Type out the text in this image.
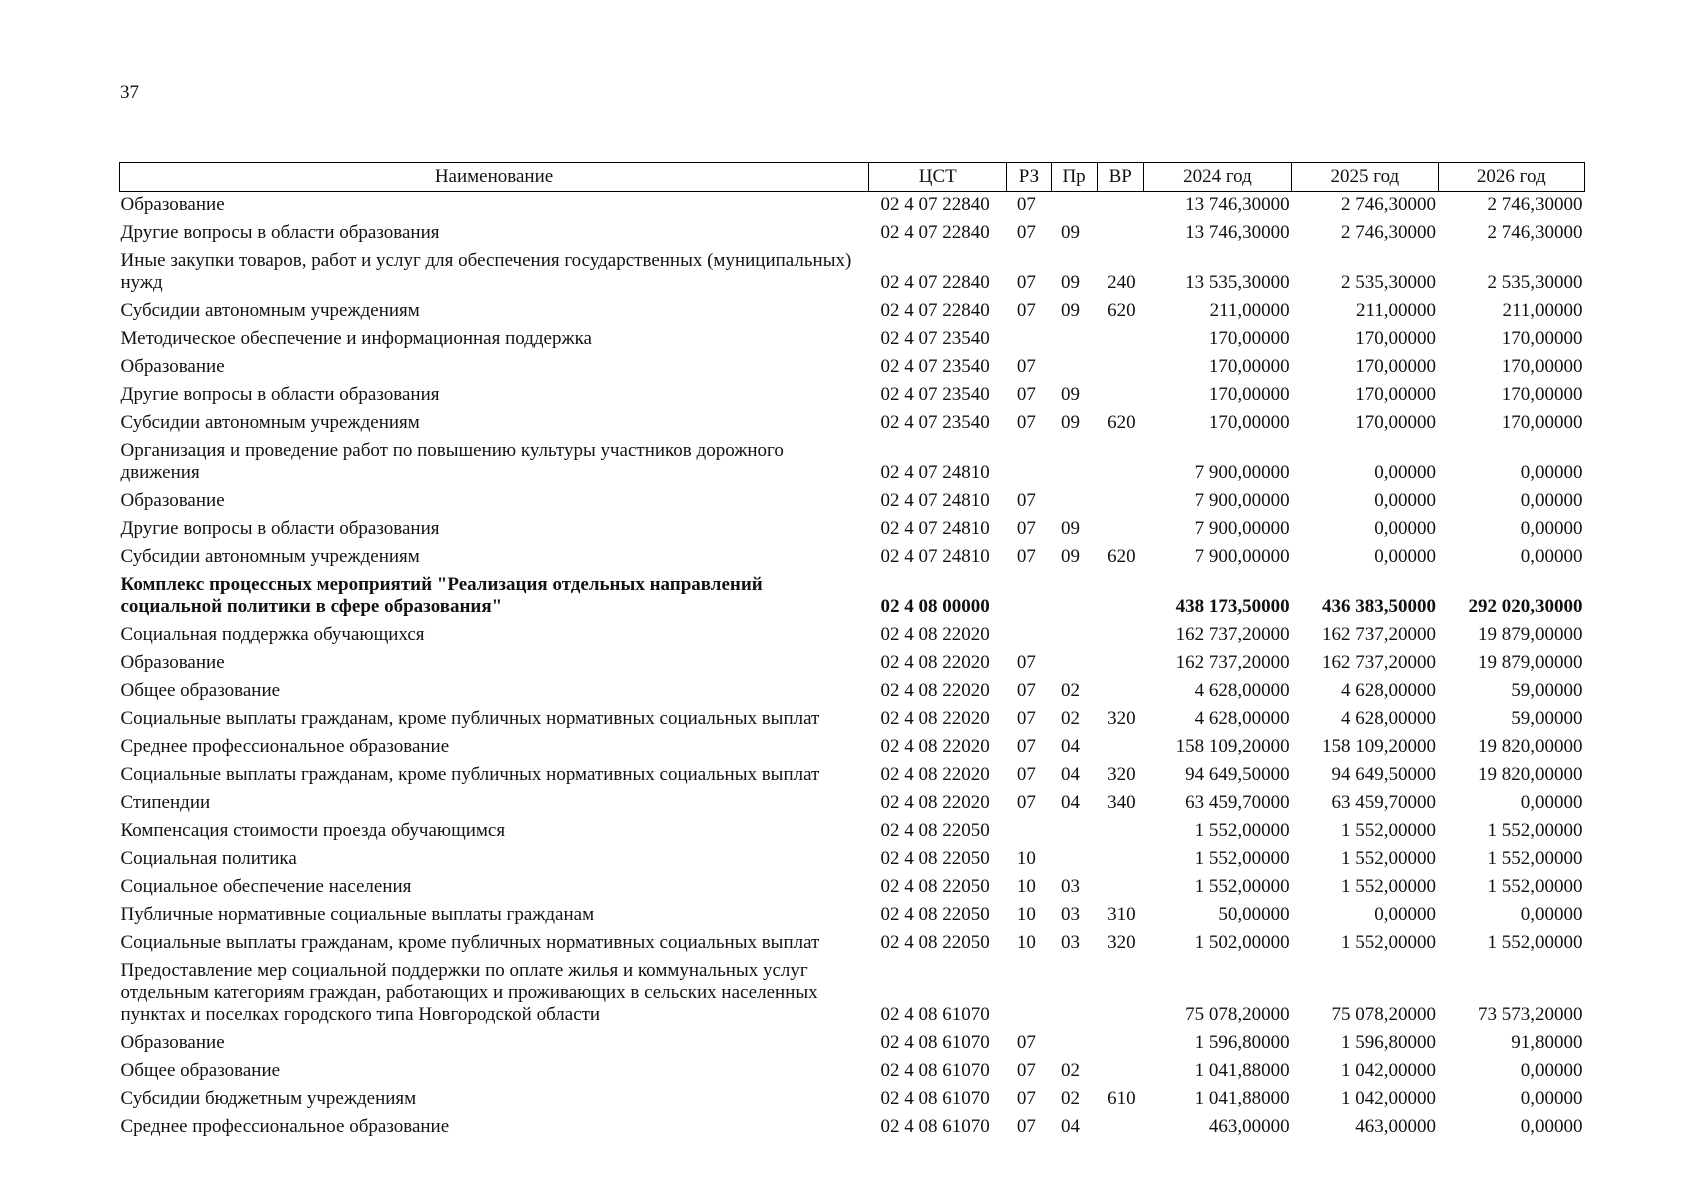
37
Наименование	ЦСТ	РЗ	Пр	ВР	2024 год	2025 год	2026 год
Образование	02 4 07 22840	07			13 746,30000	2 746,30000	2 746,30000
Другие вопросы в области образования	02 4 07 22840	07	09		13 746,30000	2 746,30000	2 746,30000
Иные закупки товаров, работ и услуг для обеспечения государственных (муниципальных) нужд	02 4 07 22840	07	09	240	13 535,30000	2 535,30000	2 535,30000
Субсидии автономным учреждениям	02 4 07 22840	07	09	620	211,00000	211,00000	211,00000
Методическое обеспечение и информационная поддержка	02 4 07 23540				170,00000	170,00000	170,00000
Образование	02 4 07 23540	07			170,00000	170,00000	170,00000
Другие вопросы в области образования	02 4 07 23540	07	09		170,00000	170,00000	170,00000
Субсидии автономным учреждениям	02 4 07 23540	07	09	620	170,00000	170,00000	170,00000
Организация и проведение работ по повышению культуры участников дорожного движения	02 4 07 24810				7 900,00000	0,00000	0,00000
Образование	02 4 07 24810	07			7 900,00000	0,00000	0,00000
Другие вопросы в области образования	02 4 07 24810	07	09		7 900,00000	0,00000	0,00000
Субсидии автономным учреждениям	02 4 07 24810	07	09	620	7 900,00000	0,00000	0,00000
Комплекс процессных мероприятий "Реализация отдельных направлений социальной политики в сфере образования"	02 4 08 00000				438 173,50000	436 383,50000	292 020,30000
Социальная поддержка обучающихся	02 4 08 22020				162 737,20000	162 737,20000	19 879,00000
Образование	02 4 08 22020	07			162 737,20000	162 737,20000	19 879,00000
Общее образование	02 4 08 22020	07	02		4 628,00000	4 628,00000	59,00000
Социальные выплаты гражданам, кроме публичных нормативных социальных выплат	02 4 08 22020	07	02	320	4 628,00000	4 628,00000	59,00000
Среднее профессиональное образование	02 4 08 22020	07	04		158 109,20000	158 109,20000	19 820,00000
Социальные выплаты гражданам, кроме публичных нормативных социальных выплат	02 4 08 22020	07	04	320	94 649,50000	94 649,50000	19 820,00000
Стипендии	02 4 08 22020	07	04	340	63 459,70000	63 459,70000	0,00000
Компенсация стоимости проезда обучающимся	02 4 08 22050				1 552,00000	1 552,00000	1 552,00000
Социальная политика	02 4 08 22050	10			1 552,00000	1 552,00000	1 552,00000
Социальное обеспечение населения	02 4 08 22050	10	03		1 552,00000	1 552,00000	1 552,00000
Публичные нормативные социальные выплаты гражданам	02 4 08 22050	10	03	310	50,00000	0,00000	0,00000
Социальные выплаты гражданам, кроме публичных нормативных социальных выплат	02 4 08 22050	10	03	320	1 502,00000	1 552,00000	1 552,00000
Предоставление мер социальной поддержки по оплате жилья и коммунальных услуг отдельным категориям граждан, работающих и проживающих в сельских населенных пунктах и поселках городского типа Новгородской области	02 4 08 61070				75 078,20000	75 078,20000	73 573,20000
Образование	02 4 08 61070	07			1 596,80000	1 596,80000	91,80000
Общее образование	02 4 08 61070	07	02		1 041,88000	1 042,00000	0,00000
Субсидии бюджетным учреждениям	02 4 08 61070	07	02	610	1 041,88000	1 042,00000	0,00000
Среднее профессиональное образование	02 4 08 61070	07	04		463,00000	463,00000	0,00000
